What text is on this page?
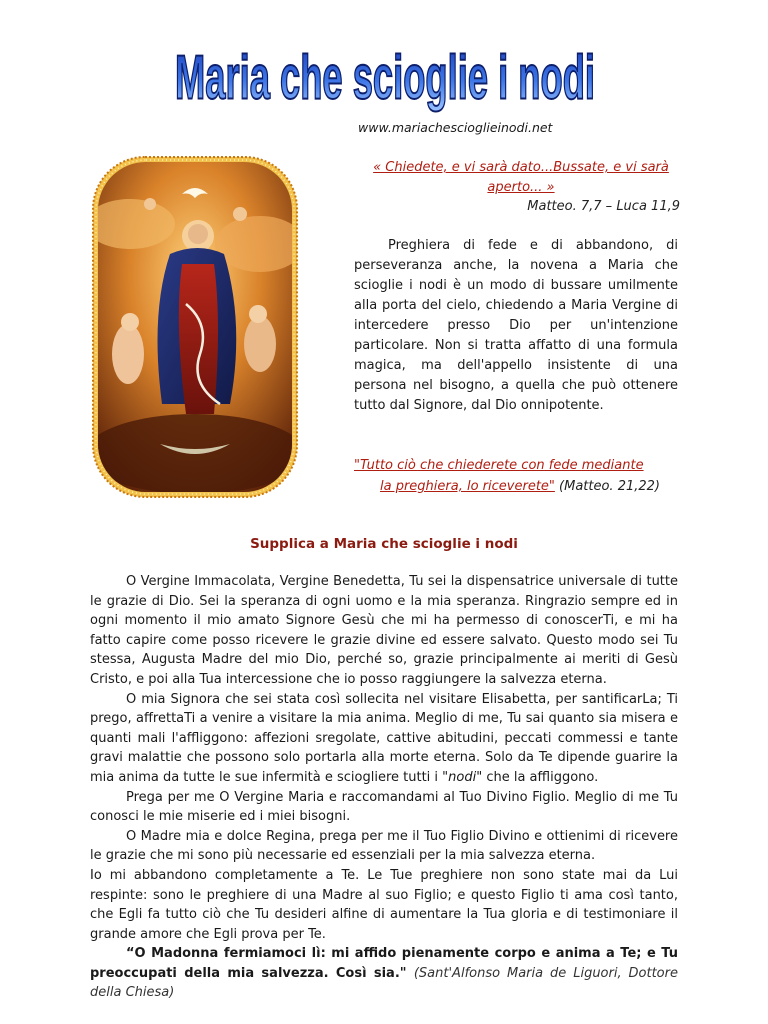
Maria che scioglie i nodi
www.mariachescioglieinodi.net
« Chiedete, e vi sarà dato...Bussate, e vi sarà aperto... »
Matteo. 7,7 – Luca 11,9
Preghiera di fede e di abbandono, di perseveranza anche, la novena a Maria che scioglie i nodi è un modo di bussare umilmente alla porta del cielo, chiedendo a Maria Vergine di intercedere presso Dio per un'intenzione particolare. Non si tratta affatto di una formula magica, ma dell'appello insistente di una persona nel bisogno, a quella che può ottenere tutto dal Signore, dal Dio onnipotente.
"Tutto ciò che chiederete con fede mediante
la preghiera, lo riceverete" (Matteo. 21,22)
Supplica a Maria che scioglie i nodi

O Vergine Immacolata, Vergine Benedetta, Tu sei la dispensatrice universale di tutte le grazie di Dio. Sei la speranza di ogni uomo e la mia speranza. Ringrazio sempre ed in ogni momento il mio amato Signore Gesù che mi ha permesso di conoscerTi, e mi ha fatto capire come posso ricevere le grazie divine ed essere salvato. Questo modo sei Tu stessa, Augusta Madre del mio Dio, perché so, grazie principalmente ai meriti di Gesù Cristo, e poi alla Tua intercessione che io posso raggiungere la salvezza eterna.

O mia Signora che sei stata così sollecita nel visitare Elisabetta, per santificarLa; Ti prego, affrettaTi a venire a visitare la mia anima. Meglio di me, Tu sai quanto sia misera e quanti mali l'affliggono: affezioni sregolate, cattive abitudini, peccati commessi e tante gravi malattie che possono solo portarla alla morte eterna. Solo da Te dipende guarire la mia anima da tutte le sue infermità e sciogliere tutti i "nodi" che la affliggono.

Prega per me O Vergine Maria e raccomandami al Tuo Divino Figlio. Meglio di me Tu conosci le mie miserie ed i miei bisogni.

O Madre mia e dolce Regina, prega per me il Tuo Figlio Divino e ottienimi di ricevere le grazie che mi sono più necessarie ed essenziali per la mia salvezza eterna.

Io mi abbandono completamente a Te. Le Tue preghiere non sono state mai da Lui respinte: sono le preghiere di una Madre al suo Figlio; e questo Figlio ti ama così tanto, che Egli fa tutto ciò che Tu desideri alfine di aumentare la Tua gloria e di testimoniare il grande amore che Egli prova per Te.

“O Madonna fermiamoci lì: mi affido pienamente corpo e anima a Te; e Tu preoccupati della mia salvezza. Così sia." (Sant'Alfonso Maria de Liguori, Dottore della Chiesa)
